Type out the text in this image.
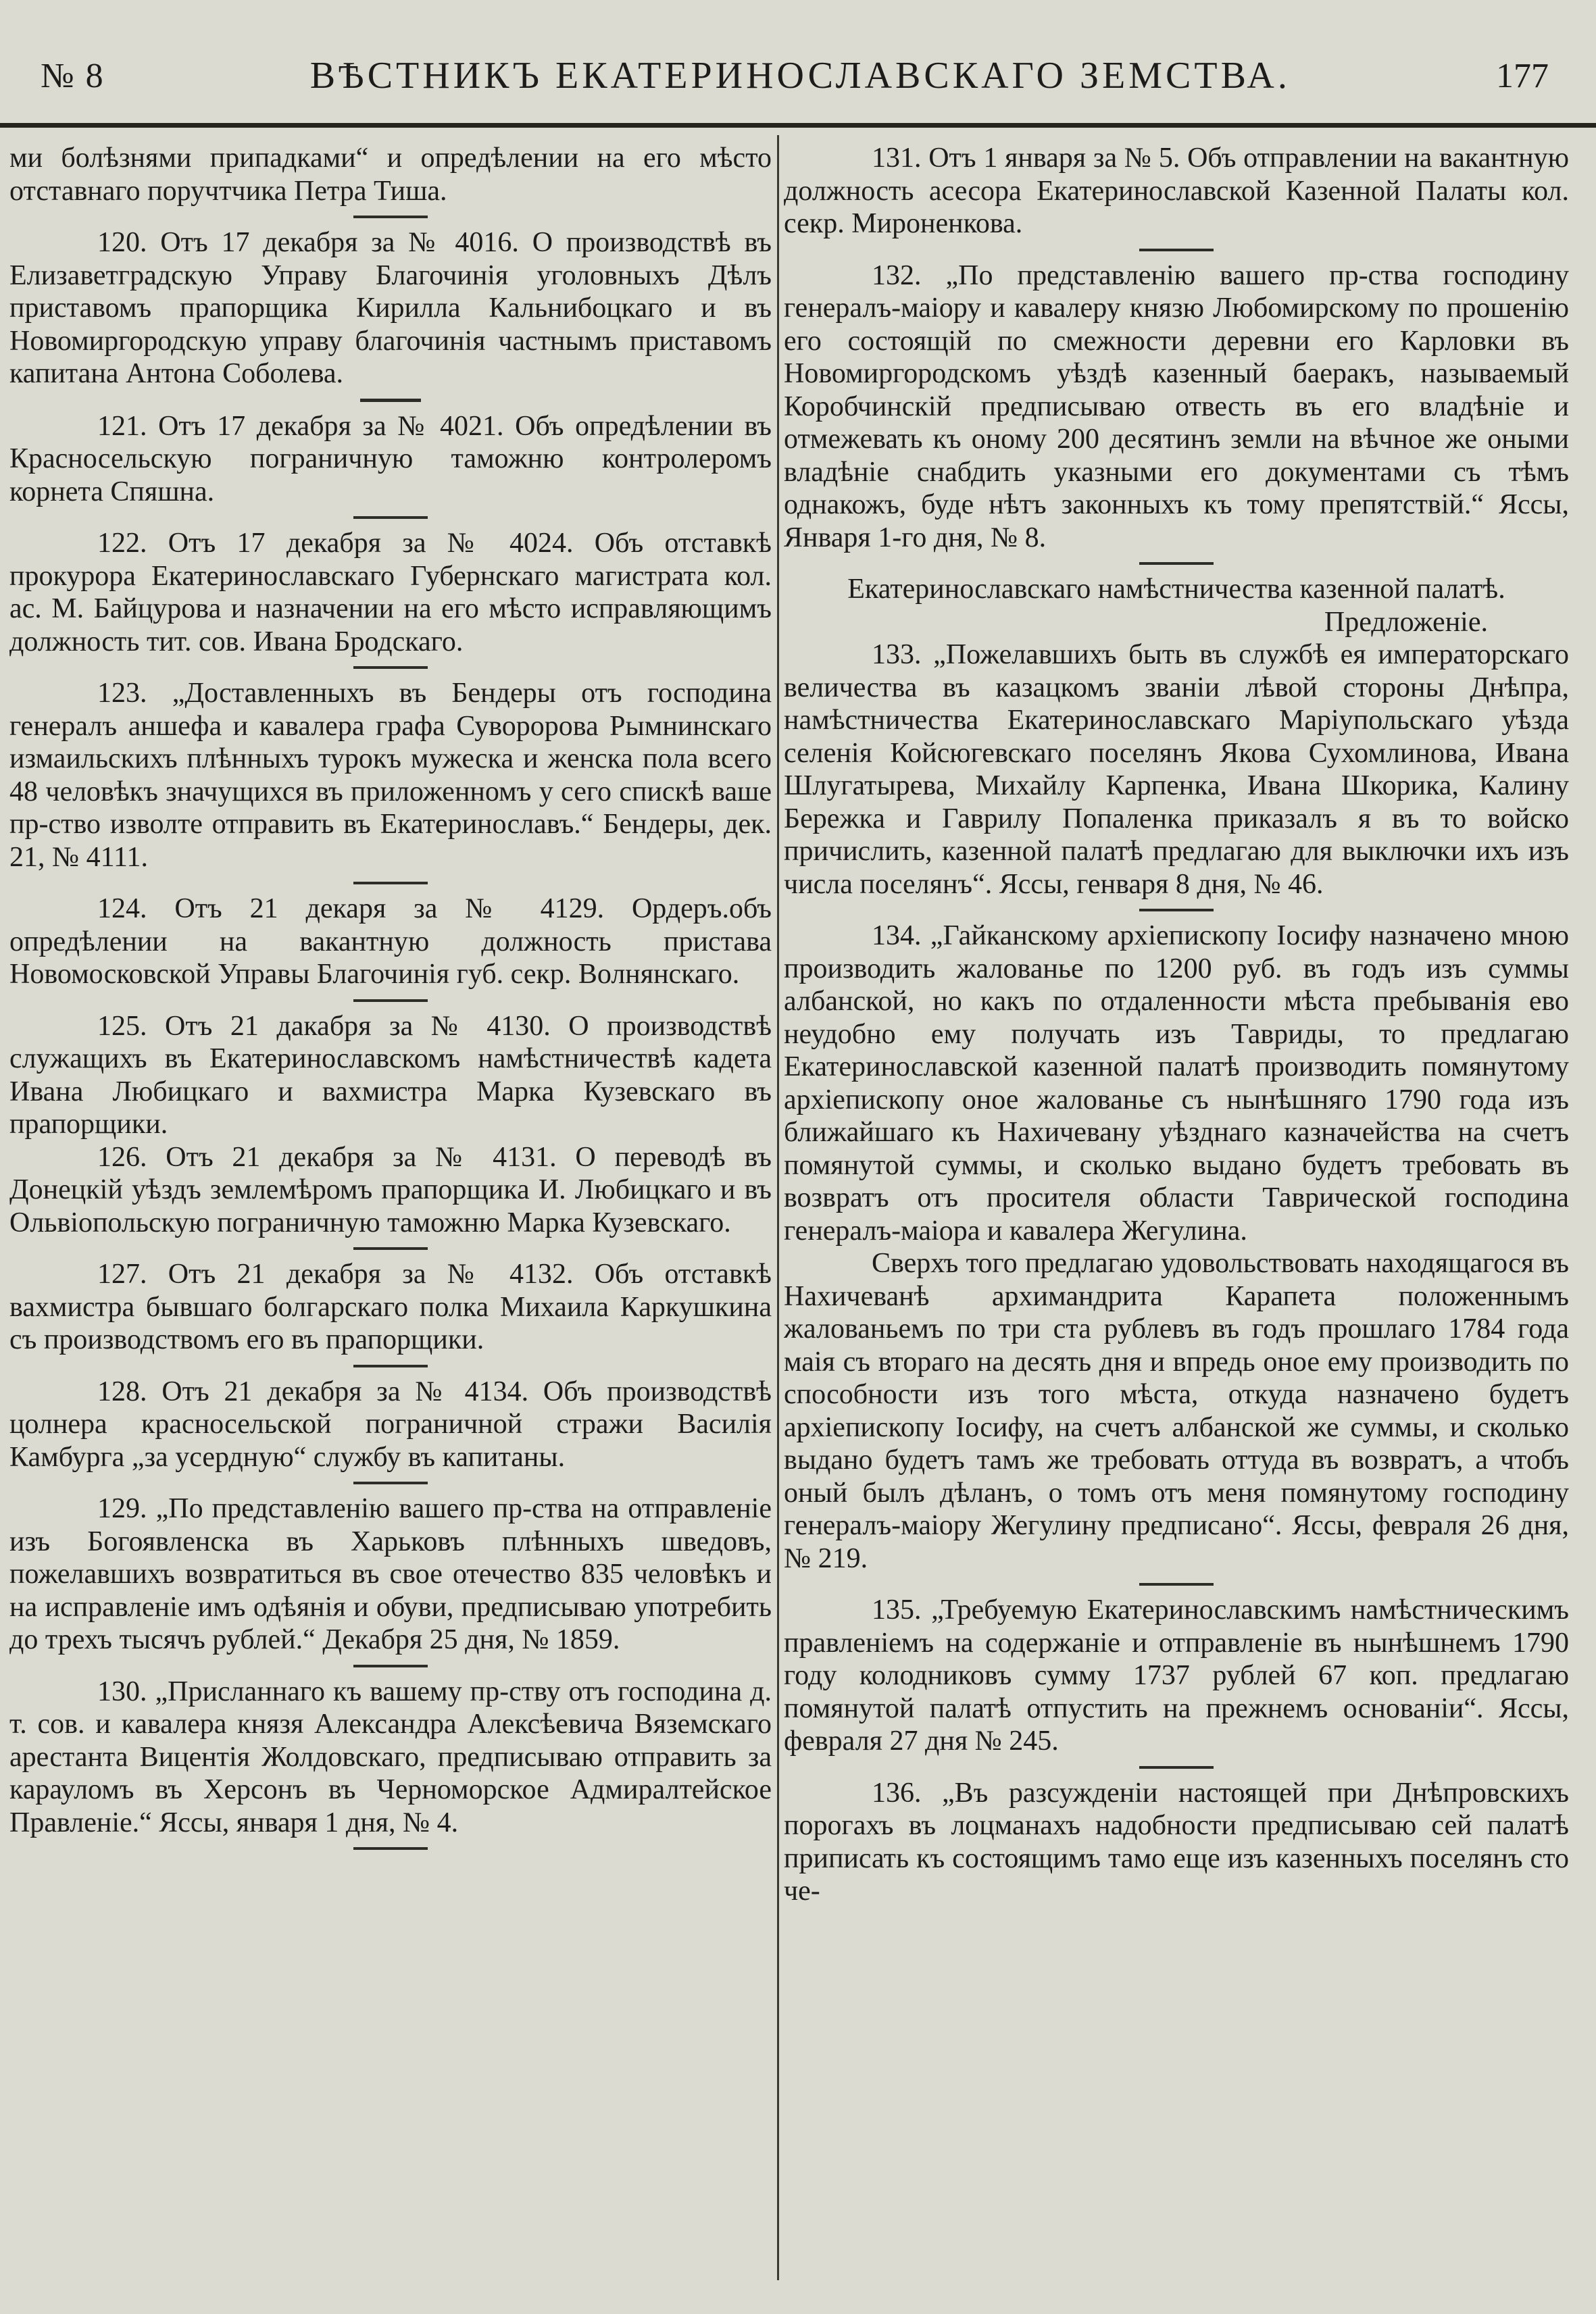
№ 8	ВѢСТНИКЪ ЕКАТЕРИНОСЛАВСКАГО ЗЕМСТВА.	177

ми болѣзнями припадками“ и опредѣлении на его мѣсто отставнаго поручтчика Петра Тиша.

120. Отъ 17 декабря за № 4016. О производствѣ въ Елизаветградскую Управу Благочинія уголовныхъ Дѣлъ приставомъ прапорщика Кирилла Кальнибоцкаго и въ Новомиргородскую управу благочинія частнымъ приставомъ капитана Антона Соболева.

121. Отъ 17 декабря за № 4021. Объ опредѣлении въ Красносельскую пограничную таможню контролеромъ корнета Спяшна.

122. Отъ 17 декабря за № 4024. Объ отставкѣ прокурора Екатеринославскаго Губернскаго магистрата кол. ас. М. Байцурова и назначении на его мѣсто исправляющимъ должность тит. сов. Ивана Бродскаго.

123. „Доставленныхъ въ Бендеры отъ господина генералъ аншефа и кавалера графа Суворорова Рымнинскаго измаильскихъ плѣнныхъ турокъ мужеска и женска пола всего 48 человѣкъ значущихся въ приложенномъ у сего спискѣ ваше пр-ство изволте отправить въ Екатеринославъ.“ Бендеры, дек. 21, № 4111.

124. Отъ 21 декаря за № 4129. Ордеръ.объ опредѣлении на вакантную должность пристава Новомосковской Управы Благочинія губ. секр. Волнянскаго.

125. Отъ 21 дакабря за № 4130. О производствѣ служащихъ въ Екатеринославскомъ намѣстничествѣ кадета Ивана Любицкаго и вахмистра Марка Кузевскаго въ прапорщики.

126. Отъ 21 декабря за № 4131. О переводѣ въ Донецкій уѣздъ землемѣромъ прапорщика И. Любицкаго и въ Ольвіопольскую пограничную таможню Марка Кузевскаго.

127. Отъ 21 декабря за № 4132. Объ отставкѣ вахмистра бывшаго болгарскаго полка Михаила Каркушкина съ производствомъ его въ прапорщики.

128. Отъ 21 декабря за № 4134. Объ производствѣ цолнера красносельской пограничной стражи Василія Камбурга „за усердную“ службу въ капитаны.

129. „По представленію вашего пр-ства на отправленіе изъ Богоявленска въ Харьковъ плѣнныхъ шведовъ, пожелавшихъ возвратиться въ свое отечество 835 человѣкъ и на исправленіе имъ одѣянія и обуви, предписываю употребить до трехъ тысячъ рублей.“ Декабря 25 дня, № 1859.

130. „Присланнаго къ вашему пр-ству отъ господина д. т. сов. и кавалера князя Александра Алексѣевича Вяземскаго арестанта Вицентія Жолдовскаго, предписываю отправить за карауломъ въ Херсонъ въ Черноморское Адмиралтейское Правленіе.“ Яссы, января 1 дня, № 4.

131. Отъ 1 января за № 5. Объ отправлении на вакантную должность асесора Екатеринославской Казенной Палаты кол. секр. Мироненкова.

132. „По представленію вашего пр-ства господину генералъ-маіору и кавалеру князю Любомирскому по прошенію его состоящій по смежности деревни его Карловки въ Новомиргородскомъ уѣздѣ казенный баеракъ, называемый Коробчинскій предписываю отвесть въ его владѣніе и отмежевать къ оному 200 десятинъ земли на вѣчное же оными владѣніе снабдить указными его документами съ тѣмъ однакожъ, буде нѣтъ законныхъ къ тому препятствій.“ Яссы, Января 1-го дня, № 8.

Екатеринославскаго намѣстничества казенной палатѣ.

Предложеніе.

133. „Пожелавшихъ быть въ службѣ ея императорскаго величества въ казацкомъ званіи лѣвой стороны Днѣпра, намѣстничества Екатеринославскаго Маріупольскаго уѣзда селенія Койсюгевскаго поселянъ Якова Сухомлинова, Ивана Шлугатырева, Михайлу Карпенка, Ивана Шкорика, Калину Бережка и Гаврилу Попаленка приказалъ я въ то войско причислить, казенной палатѣ предлагаю для выключки ихъ изъ числа поселянъ“. Яссы, генваря 8 дня, № 46.

134. „Гайканскому архіепископу Іосифу назначено мною производить жалованье по 1200 руб. въ годъ изъ суммы албанской, но какъ по отдаленности мѣста пребыванія ево неудобно ему получать изъ Тавриды, то предлагаю Екатеринославской казенной палатѣ производить помянутому архіепископу оное жалованье съ нынѣшняго 1790 года изъ ближайшаго къ Нахичевану уѣзднаго казначейства на счетъ помянутой суммы, и сколько выдано будетъ требовать въ возвратъ отъ просителя области Таврической господина генералъ-маіора и кавалера Жегулина.

Сверхъ того предлагаю удовольствовать находящагося въ Нахичеванѣ архимандрита Карапета положеннымъ жалованьемъ по три ста рублевъ въ годъ прошлаго 1784 года маія съ втораго на десять дня и впредь оное ему производить по способности изъ того мѣста, откуда назначено будетъ архіепископу Іосифу, на счетъ албанской же суммы, и сколько выдано будетъ тамъ же требовать оттуда въ возвратъ, а чтобъ оный былъ дѣланъ, о томъ отъ меня помянутому господину генералъ-маіору Жегулину предписано“. Яссы, февраля 26 дня, № 219.

135. „Требуемую Екатеринославскимъ намѣстническимъ правленіемъ на содержаніе и отправленіе въ нынѣшнемъ 1790 году колодниковъ сумму 1737 рублей 67 коп. предлагаю помянутой палатѣ отпустить на прежнемъ основаніи“. Яссы, февраля 27 дня № 245.

136. „Въ разсужденіи настоящей при Днѣпровскихъ порогахъ въ лоцманахъ надобности предписываю сей палатѣ приписать къ состоящимъ тамо еще изъ казенныхъ поселянъ сто че-
